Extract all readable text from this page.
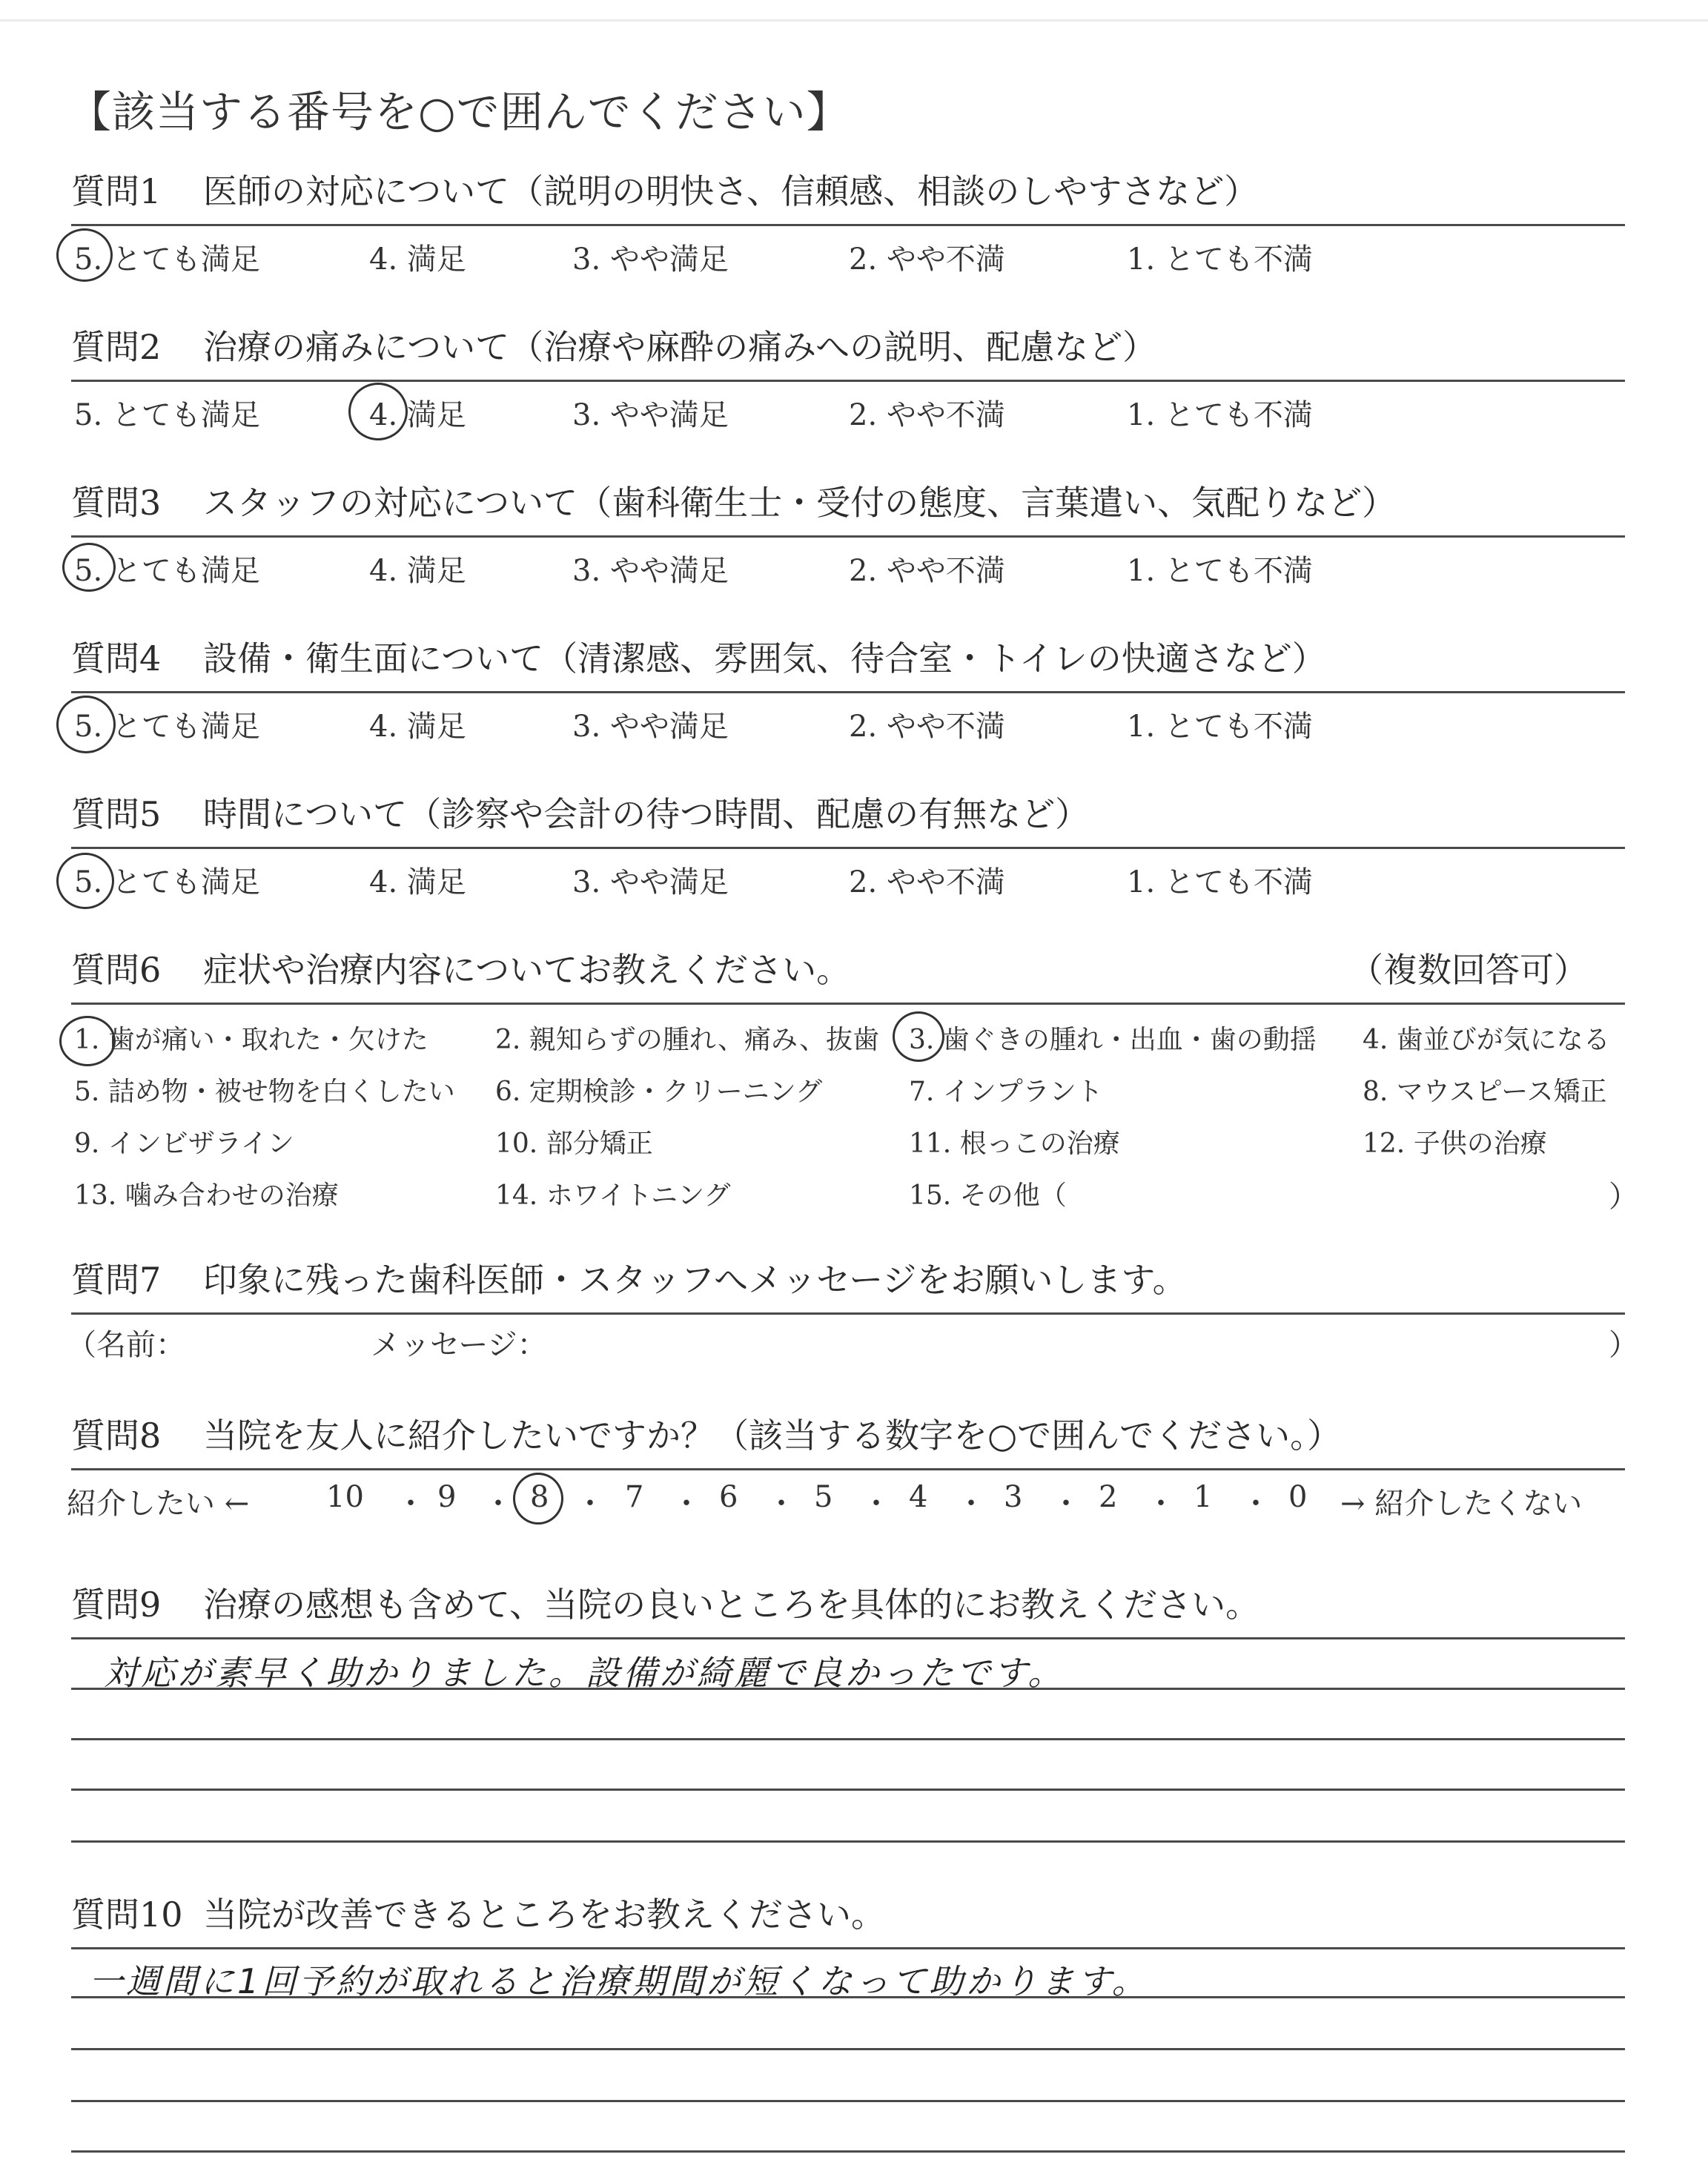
【該当する番号を○で囲んでください】
質問1 医師の対応について（説明の明快さ、信頼感、相談のしやすさなど）
5. とても満足	4. 満足	3. やや満足	2. やや不満	1. とても不満
質問2 治療の痛みについて（治療や麻酔の痛みへの説明、配慮など）
5. とても満足	4. 満足	3. やや満足	2. やや不満	1. とても不満
質問3 スタッフの対応について（歯科衛生士・受付の態度、言葉遣い、気配りなど）
5. とても満足	4. 満足	3. やや満足	2. やや不満	1. とても不満
質問4 設備・衛生面について（清潔感、雰囲気、待合室・トイレの快適さなど）
5. とても満足	4. 満足	3. やや満足	2. やや不満	1. とても不満
質問5 時間について（診察や会計の待つ時間、配慮の有無など）
5. とても満足	4. 満足	3. やや満足	2. やや不満	1. とても不満
質問6 症状や治療内容についてお教えください。	（複数回答可）
1. 歯が痛い・取れた・欠けた	2. 親知らずの腫れ、痛み、抜歯 3. 歯ぐきの腫れ・出血・歯の動揺 4. 歯並びが気になる
5. 詰め物・被せ物を白くしたい 6. 定期検診・クリーニング	7. インプラント	8. マウスピース矯正
9. インビザライン	10. 部分矯正	11. 根っこの治療	12. 子供の治療
13. 噛み合わせの治療	14. ホワイトニング	15. その他（	）
質問7 印象に残った歯科医師・スタッフへメッセージをお願いします。
（名前：	メッセージ：	）
質問8 当院を友人に紹介したいですか？（該当する数字を○で囲んでください。）
紹介したい ←	10 ・ 9 ・ 8 ・ 7 ・ 6 ・ 5 ・ 4 ・ 3 ・ 2 ・ 1 ・ 0 → 紹介したくない
質問9 治療の感想も含めて、当院の良いところを具体的にお教えください。
対応が素早く助かりました。設備が綺麗で良かったです。
質問10 当院が改善できるところをお教えください。
一週間に1回予約が取れると治療期間が短くなって助かります。
